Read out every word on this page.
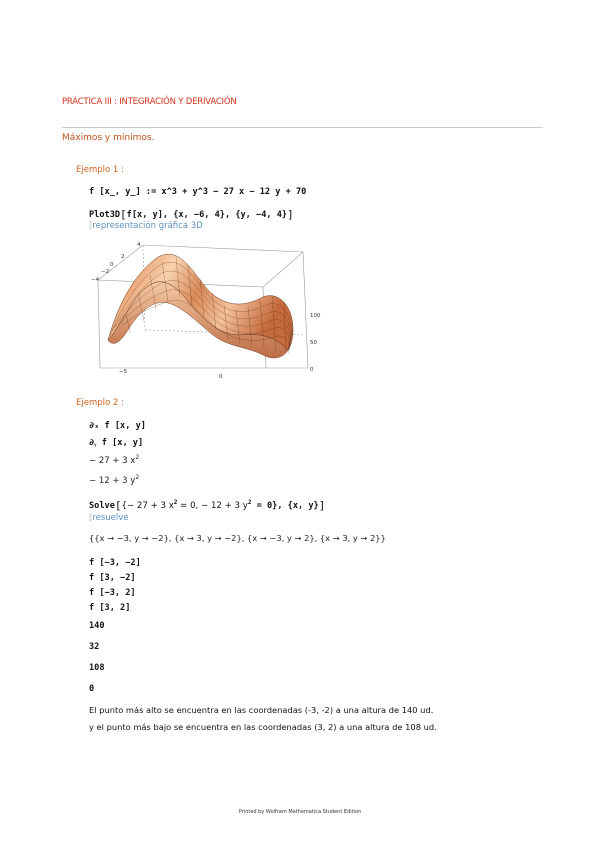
PRÁCTICA III : INTEGRACIÓN Y DERIVACIÓN
Máximos y mínimos.
Ejemplo 1 :
f [x_, y_] := x^3 + y^3 − 27 x − 12 y + 70
Plot3D[f[x, y], {x, −6, 4}, {y, −4, 4}]
[representación gráfica 3D
4
2
0
−2
−4
100
50
0
−5
0
Ejemplo 2 :
∂ₓ f [x, y]
∂ᵧ f [x, y]
− 27 + 3 $x^2$
− 12 + 3 $y^2$
Solve[{− 27 + 3 $x^2 = 0$, − 12 + 3 $y^2 = 0$}, {x, y}]
[resuelve
{{x → −3, y → −2}, {x → 3, y → −2}, {x → −3, y → 2}, {x → 3, y → 2}}
f [−3, −2]
f [3, −2]
f [−3, 2]
f [3, 2]
140
32
108
0
El punto más alto se encuentra en las coordenadas (-3, -2) a una altura de 140 ud.
y el punto más bajo se encuentra en las coordenadas (3, 2) a una altura de 108 ud.
Printed by Wolfram Mathematica Student Edition
